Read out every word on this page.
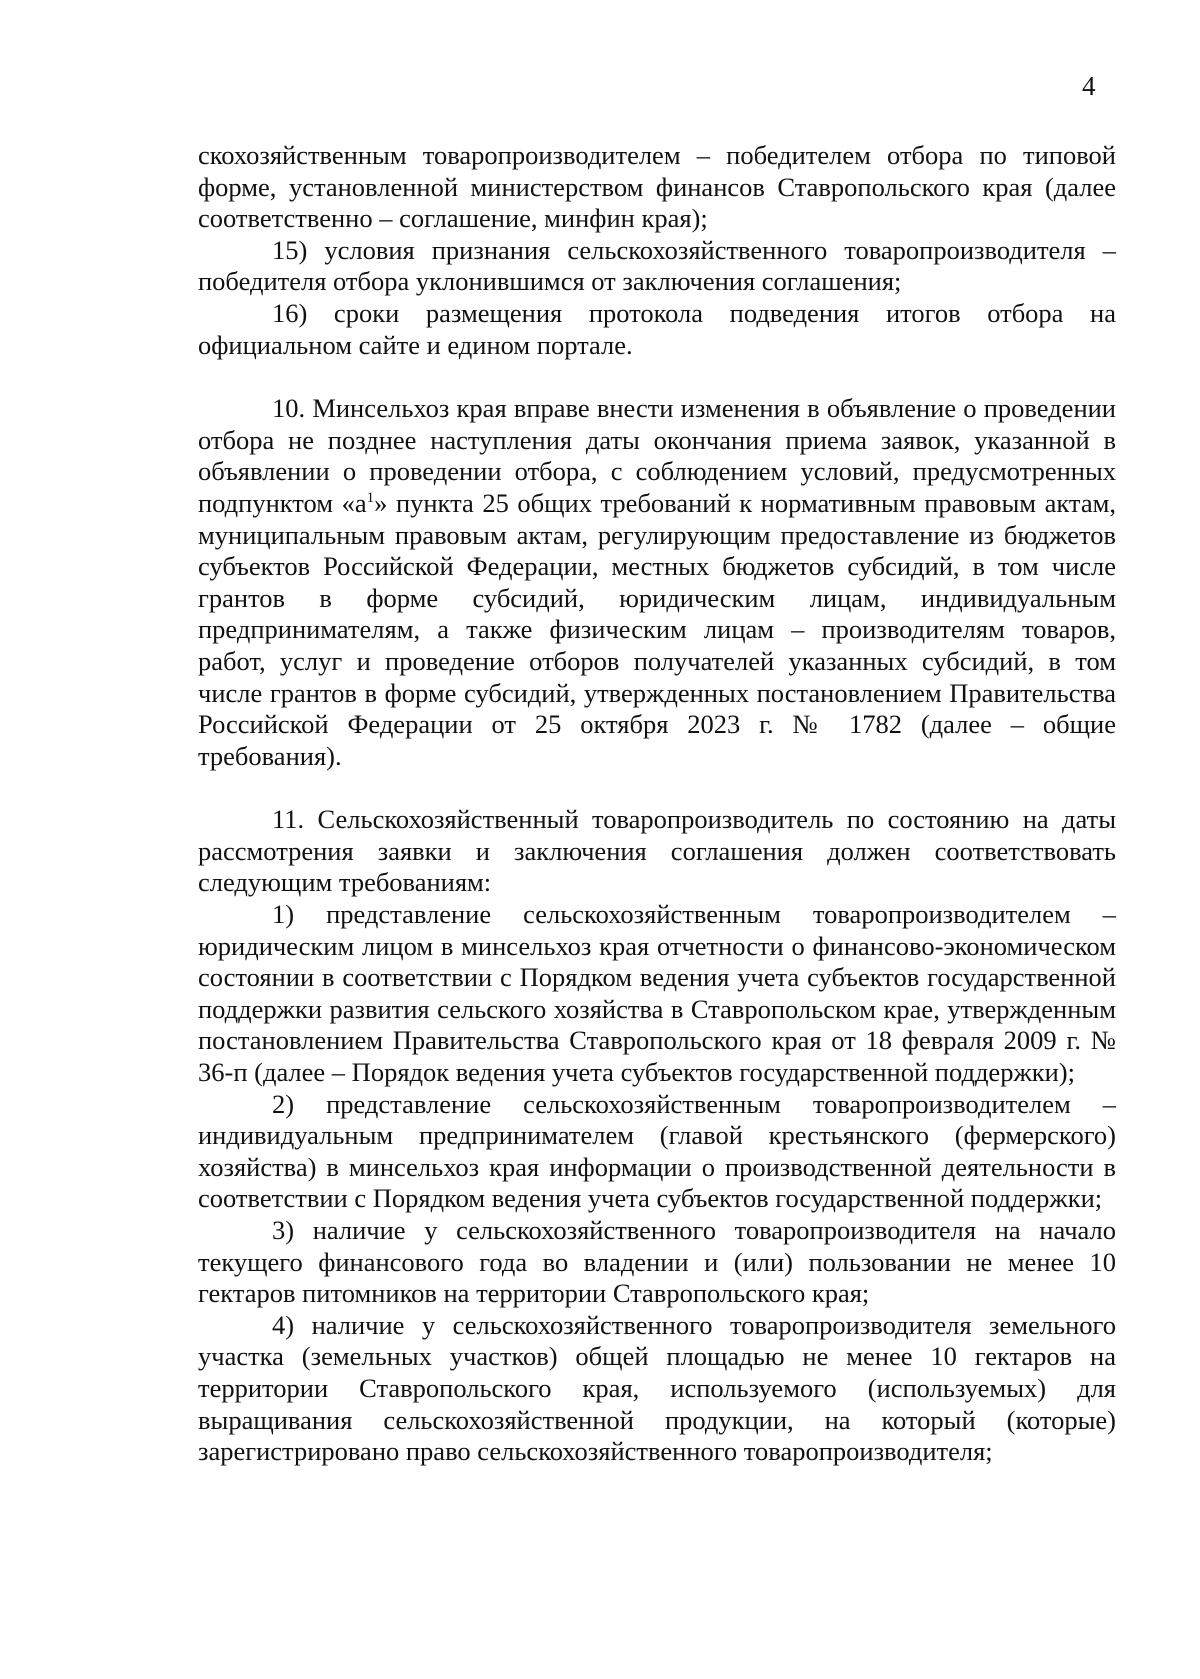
4

скохозяйственным товаропроизводителем – победителем отбора по типовой форме, установленной министерством финансов Ставропольского края (далее соответственно – соглашение, минфин края);

15) условия признания сельскохозяйственного товаропроизводителя – победителя отбора уклонившимся от заключения соглашения;

16) сроки размещения протокола подведения итогов отбора на официальном сайте и едином портале.

10. Минсельхоз края вправе внести изменения в объявление о проведении отбора не позднее наступления даты окончания приема заявок, указанной в объявлении о проведении отбора, с соблюдением условий, предусмотренных подпунктом «$а^1$» пункта 25 общих требований к нормативным правовым актам, муниципальным правовым актам, регулирующим предоставление из бюджетов субъектов Российской Федерации, местных бюджетов субсидий, в том числе грантов в форме субсидий, юридическим лицам, индивидуальным предпринимателям, а также физическим лицам – производителям товаров, работ, услуг и проведение отборов получателей указанных субсидий, в том числе грантов в форме субсидий, утвержденных постановлением Правительства Российской Федерации от 25 октября 2023 г. № 1782 (далее – общие требования).

11. Сельскохозяйственный товаропроизводитель по состоянию на даты рассмотрения заявки и заключения соглашения должен соответствовать следующим требованиям:

1) представление сельскохозяйственным товаропроизводителем – юридическим лицом в минсельхоз края отчетности о финансово-экономическом состоянии в соответствии с Порядком ведения учета субъектов государственной поддержки развития сельского хозяйства в Ставропольском крае, утвержденным постановлением Правительства Ставропольского края от 18 февраля 2009 г. № 36-п (далее – Порядок ведения учета субъектов государственной поддержки);

2) представление сельскохозяйственным товаропроизводителем – индивидуальным предпринимателем (главой крестьянского (фермерского) хозяйства) в минсельхоз края информации о производственной деятельности в соответствии с Порядком ведения учета субъектов государственной поддержки;

3) наличие у сельскохозяйственного товаропроизводителя на начало текущего финансового года во владении и (или) пользовании не менее 10 гектаров питомников на территории Ставропольского края;

4) наличие у сельскохозяйственного товаропроизводителя земельного участка (земельных участков) общей площадью не менее 10 гектаров на территории Ставропольского края, используемого (используемых) для выращивания сельскохозяйственной продукции, на который (которые) зарегистрировано право сельскохозяйственного товаропроизводителя;
